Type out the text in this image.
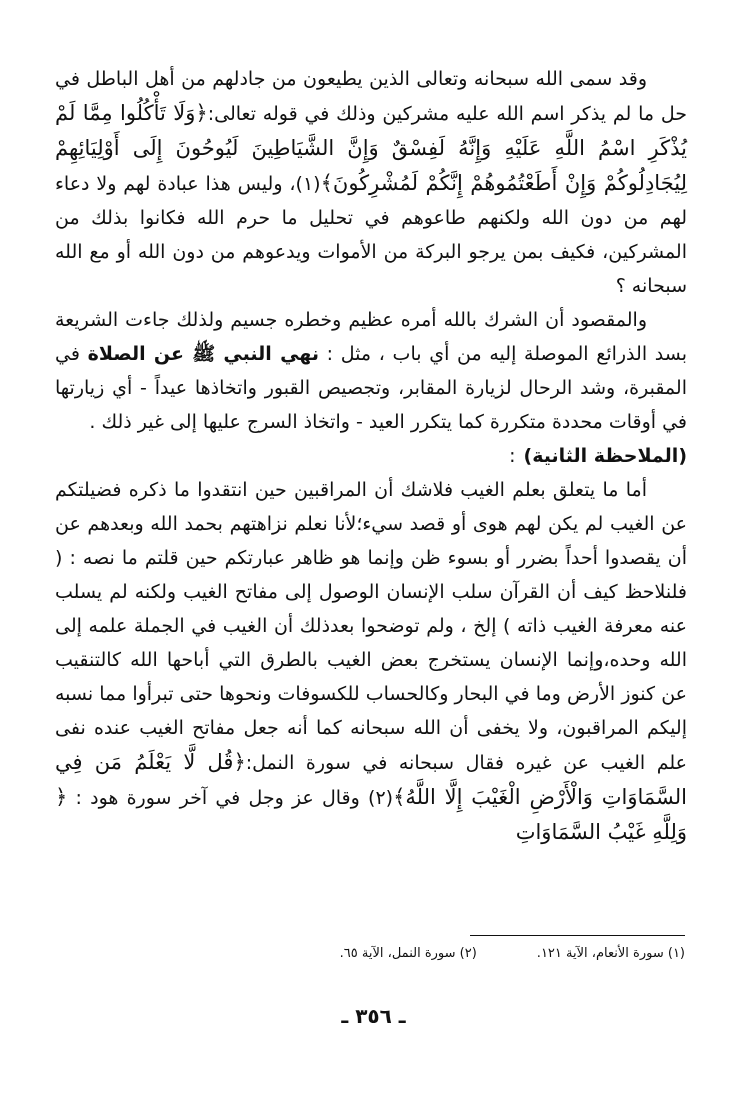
وقد سمى الله سبحانه وتعالى الذين يطيعون من جادلهم من أهل الباطل في حل ما لم يذكر اسم الله عليه مشركين وذلك في قوله تعالى:﴿وَلَا تَأْكُلُوا مِمَّا لَمْ يُذْكَرِ اسْمُ اللَّهِ عَلَيْهِ وَإِنَّهُ لَفِسْقٌ وَإِنَّ الشَّيَاطِينَ لَيُوحُونَ إِلَى أَوْلِيَائِهِمْ لِيُجَادِلُوكُمْ وَإِنْ أَطَعْتُمُوهُمْ إِنَّكُمْ لَمُشْرِكُونَ﴾(١)، وليس هذا عبادة لهم ولا دعاء لهم من دون الله ولكنهم طاعوهم في تحليل ما حرم الله فكانوا بذلك من المشركين، فكيف بمن يرجو البركة من الأموات ويدعوهم من دون الله أو مع الله سبحانه ؟

والمقصود أن الشرك بالله أمره عظيم وخطره جسيم ولذلك جاءت الشريعة بسد الذرائع الموصلة إليه من أي باب ، مثل : نهي النبي ﷺ عن الصلاة في المقبرة، وشد الرحال لزيارة المقابر، وتجصيص القبور واتخاذها عيداً - أي زيارتها في أوقات محددة متكررة كما يتكرر العيد - واتخاذ السرج عليها إلى غير ذلك .

(الملاحظة الثانية):

أما ما يتعلق بعلم الغيب فلاشك أن المراقبين حين انتقدوا ما ذكره فضيلتكم عن الغيب لم يكن لهم هوى أو قصد سيء؛لأنا نعلم نزاهتهم بحمد الله وبعدهم عن أن يقصدوا أحداً بضرر أو بسوء ظن وإنما هو ظاهر عبارتكم حين قلتم ما نصه : ( فلنلاحظ كيف أن القرآن سلب الإنسان الوصول إلى مفاتح الغيب ولكنه لم يسلب عنه معرفة الغيب ذاته ) إلخ ، ولم توضحوا بعدذلك أن الغيب في الجملة علمه إلى الله وحده،وإنما الإنسان يستخرج بعض الغيب بالطرق التي أباحها الله كالتنقيب عن كنوز الأرض وما في البحار وكالحساب للكسوفات ونحوها حتى تبرأوا مما نسبه إليكم المراقبون، ولا يخفى أن الله سبحانه كما أنه جعل مفاتح الغيب عنده نفى علم الغيب عن غيره فقال سبحانه في سورة النمل:﴿قُل لَّا يَعْلَمُ مَن فِي السَّمَاوَاتِ وَالْأَرْضِ الْغَيْبَ إِلَّا اللَّهُ﴾(٢) وقال عز وجل في آخر سورة هود : ﴿ وَلِلَّهِ غَيْبُ السَّمَاوَاتِ

(١) سورة الأنعام، الآية ١٢١.
(٢) سورة النمل، الآية ٦٥.
ـ ٣٥٦ ـ
